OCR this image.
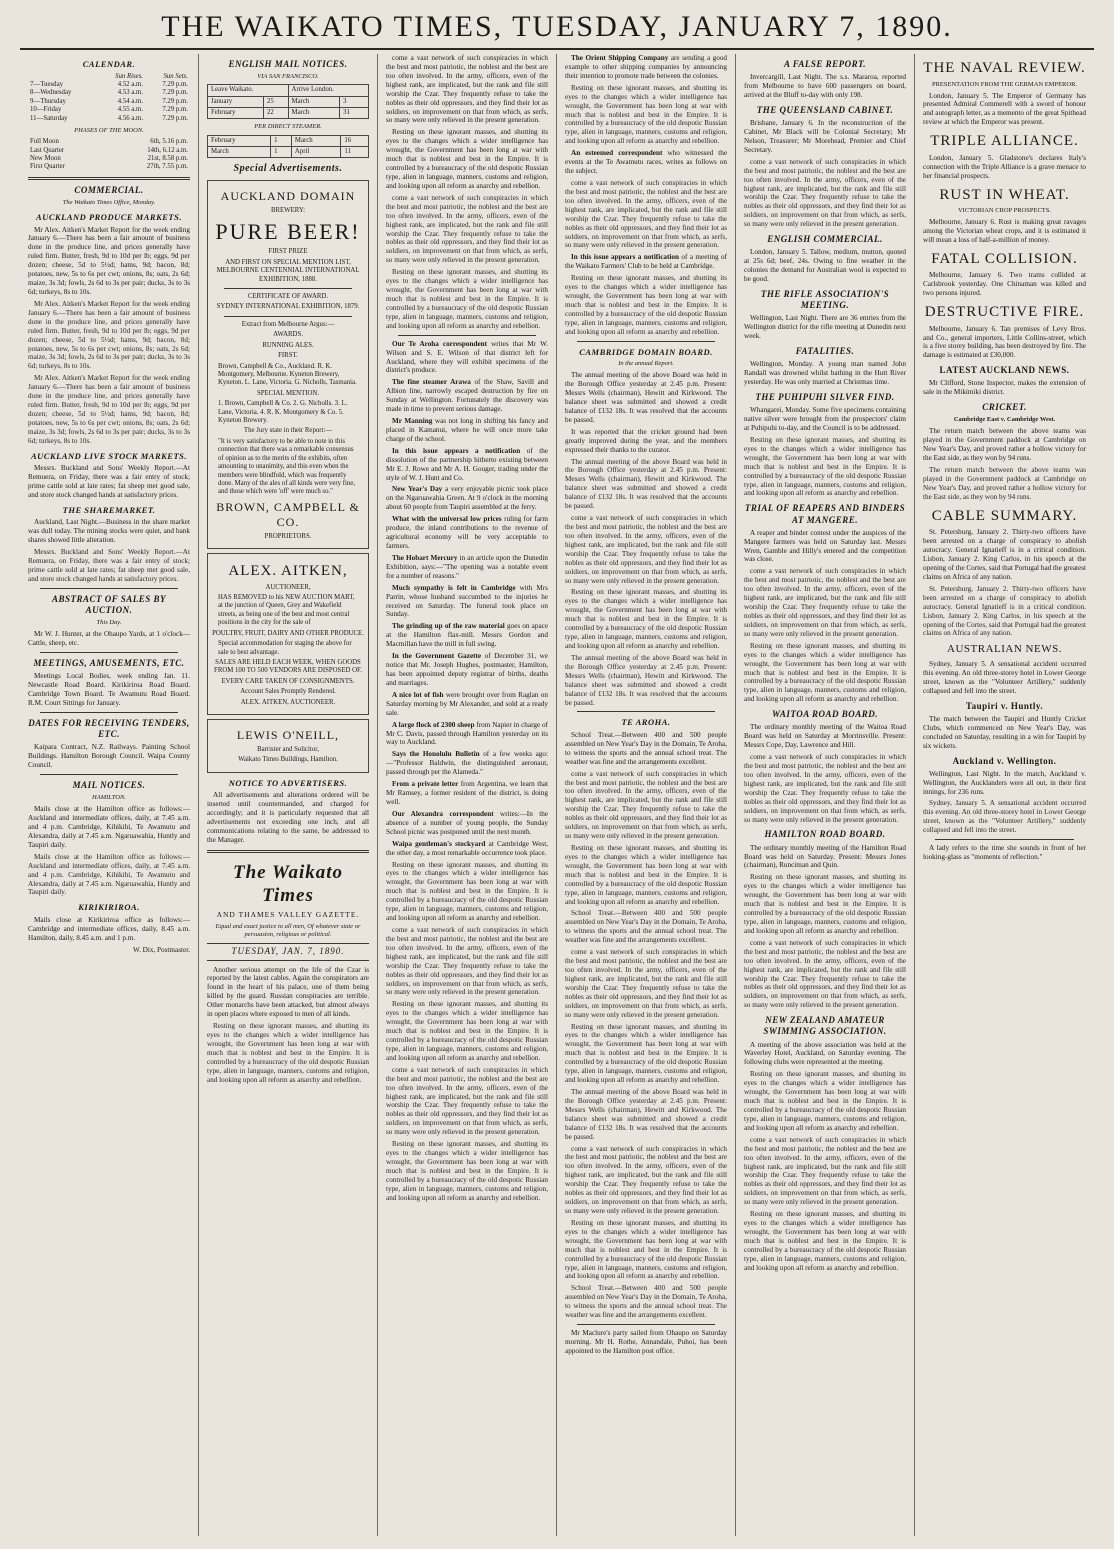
THE WAIKATO TIMES, TUESDAY, JANUARY 7, 1890.
CALENDAR.
	Sun Rises.	Sun Sets.
7—Tuesday	4.52 a.m.	7.29 p.m.
8—Wednesday	4.53 a.m.	7.29 p.m.
9—Thursday	4.54 a.m.	7.29 p.m.
10—Friday	4.55 a.m.	7.29 p.m.
11—Saturday	4.56 a.m.	7.29 p.m.
PHASES OF THE MOON.
Full Moon	6th, 5.16 p.m.
Last Quarter	14th, 6.12 a.m.
New Moon	21st, 8.58 p.m.
First Quarter	27th, 7.55 p.m.
COMMERCIAL.
The Waikato Times Office, Monday.
AUCKLAND PRODUCE MARKETS.

Mr Alex. Aitken's Market Report for the week ending January 6.—There has been a fair amount of business done in the produce line, and prices generally have ruled firm. Butter, fresh, 9d to 10d per lb; eggs, 9d per dozen; cheese, 5d to 5½d; hams, 9d; bacon, 8d; potatoes, new, 5s to 6s per cwt; onions, 8s; oats, 2s 6d; maize, 3s 3d; fowls, 2s 6d to 3s per pair; ducks, 3s to 3s 6d; turkeys, 8s to 10s.

Mr Alex. Aitken's Market Report for the week ending January 6.—There has been a fair amount of business done in the produce line, and prices generally have ruled firm. Butter, fresh, 9d to 10d per lb; eggs, 9d per dozen; cheese, 5d to 5½d; hams, 9d; bacon, 8d; potatoes, new, 5s to 6s per cwt; onions, 8s; oats, 2s 6d; maize, 3s 3d; fowls, 2s 6d to 3s per pair; ducks, 3s to 3s 6d; turkeys, 8s to 10s.

Mr Alex. Aitken's Market Report for the week ending January 6.—There has been a fair amount of business done in the produce line, and prices generally have ruled firm. Butter, fresh, 9d to 10d per lb; eggs, 9d per dozen; cheese, 5d to 5½d; hams, 9d; bacon, 8d; potatoes, new, 5s to 6s per cwt; onions, 8s; oats, 2s 6d; maize, 3s 3d; fowls, 2s 6d to 3s per pair; ducks, 3s to 3s 6d; turkeys, 8s to 10s.

AUCKLAND LIVE STOCK MARKETS.

Messrs. Buckland and Sons' Weekly Report.—At Remuera, on Friday, there was a fair entry of stock; prime cattle sold at late rates; fat sheep met good sale, and store stock changed hands at satisfactory prices.

THE SHAREMARKET.

Auckland, Last Night.—Business in the share market was dull today. The mining stocks were quiet, and bank shares showed little alteration.

Messrs. Buckland and Sons' Weekly Report.—At Remuera, on Friday, there was a fair entry of stock; prime cattle sold at late rates; fat sheep met good sale, and store stock changed hands at satisfactory prices.

ABSTRACT OF SALES BY AUCTION.
This Day.

Mr W. J. Hunter, at the Ohaupo Yards, at 1 o'clock—Cattle, sheep, etc.

MEETINGS, AMUSEMENTS, ETC.

Meetings Local Bodies, week ending Jan. 11. Newcastle Road Board. Kirikiriroa Road Board. Cambridge Town Board. Te Awamutu Road Board. R.M. Court Sittings for January.

DATES FOR RECEIVING TENDERS, ETC.

Kaipara Contract, N.Z. Railways. Painting School Buildings. Hamilton Borough Council. Waipa County Council.

MAIL NOTICES.
HAMILTON.

Mails close at the Hamilton office as follows:—Auckland and intermediate offices, daily, at 7.45 a.m. and 4 p.m. Cambridge, Kihikihi, Te Awamutu and Alexandra, daily at 7.45 a.m. Ngaruawahia, Huntly and Taupiri daily.

Mails close at the Hamilton office as follows:—Auckland and intermediate offices, daily, at 7.45 a.m. and 4 p.m. Cambridge, Kihikihi, Te Awamutu and Alexandra, daily at 7.45 a.m. Ngaruawahia, Huntly and Taupiri daily.

KIRIKIRIROA.

Mails close at Kirikiriroa office as follows:—Cambridge and intermediate offices, daily, 8.45 a.m. Hamilton, daily, 8.45 a.m. and 1 p.m.

W. Dix, Postmaster.

ENGLISH MAIL NOTICES.
VIA SAN FRANCISCO.
Leave Waikato.		Arrive London.	
January	25	March	3
February	22	March	31
PER DIRECT STEAMER.
February	1	March	16
March	1	April	11
Special Advertisements.
AUCKLAND DOMAIN
BREWERY:
PURE BEER!
FIRST PRIZE
AND FIRST ON SPECIAL MENTION LIST, MELBOURNE CENTENNIAL INTERNATIONAL EXHIBITION, 1888.
CERTIFICATE OF AWARD.
SYDNEY INTERNATIONAL EXHIBITION, 1879.
Extract from Melbourne Argus:—
AWARDS.
RUNNING ALES.
FIRST.
Brown, Campbell & Co., Auckland. R. K. Montgomery, Melbourne. Kyneton Brewery, Kyneton. L. Lane, Victoria. G. Nicholls, Tasmania.
SPECIAL MENTION.
1. Brown, Campbell & Co. 2. G. Nicholls. 3. L. Lane, Victoria. 4. R. K. Montgomery & Co. 5. Kyneton Brewery.
The Jury state in their Report:—
"It is very satisfactory to be able to note in this connection that there was a remarkable consensus of opinion as to the merits of the exhibits, often amounting to unanimity, and this even when the members were blindfold, which was frequently done. Many of the ales of all kinds were very fine, and those which were 'off' were much so."
BROWN, CAMPBELL & CO.
PROPRIETORS.
ALEX. AITKEN,
AUCTIONEER,
HAS REMOVED to his NEW AUCTION MART, at the junction of Queen, Grey and Wakefield streets, as being one of the best and most central positions in the city for the sale of
POULTRY, FRUIT, DAIRY AND OTHER PRODUCE.
Special accommodation for staging the above for sale to best advantage.
SALES ARE HELD EACH WEEK, WHEN GOODS FROM 100 TO 500 VENDORS ARE DISPOSED OF.
EVERY CARE TAKEN OF CONSIGNMENTS.
Account Sales Promptly Rendered.
ALEX. AITKEN, AUCTIONEER.
LEWIS O'NEILL,
Barrister and Solicitor,
Waikato Times Buildings, Hamilton.
NOTICE TO ADVERTISERS.

All advertisements and alterations ordered will be inserted until countermanded, and charged for accordingly; and it is particularly requested that all advertisements not exceeding one inch, and all communications relating to the same, be addressed to the Manager.

The Waikato Times
AND THAMES VALLEY GAZETTE.
Equal and exact justice to all men, Of whatever state or persuasion, religious or political.
TUESDAY, JAN. 7, 1890.

Another serious attempt on the life of the Czar is reported by the latest cables. Again the conspirators are found in the heart of his palace, one of them being killed by the guard. Russian conspiracies are terrible. Other monarchs have been attacked, but almost always in open places where exposed to men of all kinds.

Resting on these ignorant masses, and shutting its eyes to the changes which a wider intelligence has wrought, the Government has been long at war with much that is noblest and best in the Empire. It is controlled by a bureaucracy of the old despotic Russian type, alien in language, manners, customs and religion, and looking upon all reform as anarchy and rebellion.

come a vast network of such conspiracies in which the best and most patriotic, the noblest and the best are too often involved. In the army, officers, even of the highest rank, are implicated, but the rank and file still worship the Czar. They frequently refuse to take the nobles as their old oppressors, and they find their lot as soldiers, on improvement on that from which, as serfs, so many were only relieved in the present generation.

Resting on these ignorant masses, and shutting its eyes to the changes which a wider intelligence has wrought, the Government has been long at war with much that is noblest and best in the Empire. It is controlled by a bureaucracy of the old despotic Russian type, alien in language, manners, customs and religion, and looking upon all reform as anarchy and rebellion.

come a vast network of such conspiracies in which the best and most patriotic, the noblest and the best are too often involved. In the army, officers, even of the highest rank, are implicated, but the rank and file still worship the Czar. They frequently refuse to take the nobles as their old oppressors, and they find their lot as soldiers, on improvement on that from which, as serfs, so many were only relieved in the present generation.

Resting on these ignorant masses, and shutting its eyes to the changes which a wider intelligence has wrought, the Government has been long at war with much that is noblest and best in the Empire. It is controlled by a bureaucracy of the old despotic Russian type, alien in language, manners, customs and religion, and looking upon all reform as anarchy and rebellion.

Our Te Aroha correspondent writes that Mr W. Wilson and S. E. Wilson of that district left for Auckland, where they will exhibit specimens of the district's produce.

The fine steamer Arawa of the Shaw, Savill and Albion line, narrowly escaped destruction by fire on Sunday at Wellington. Fortunately the discovery was made in time to prevent serious damage.

Mr Manning was not long in shifting his fancy and placed in Kamanui, where he will once more take charge of the school.

In this issue appears a notification of the dissolution of the partnership hitherto existing between Mr E. J. Rowe and Mr A. H. Gouger, trading under the style of W. J. Hunt and Co.

New Year's Day a very enjoyable picnic took place on the Ngaruawahia Green. At 9 o'clock in the morning about 60 people from Taupiri assembled at the ferry.

What with the universal low prices ruling for farm produce, the inland contributions to the revenue of agricultural economy will be very acceptable to farmers.

The Hobart Mercury in an article upon the Dunedin Exhibition, says:—"The opening was a notable event for a number of reasons."

Much sympathy is felt in Cambridge with Mrs Parrin, whose husband succumbed to the injuries he received on Saturday. The funeral took place on Sunday.

The grinding up of the raw material goes on apace at the Hamilton flax-mill. Messrs Gordon and Macmillan have the mill in full swing.

In the Government Gazette of December 31, we notice that Mr. Joseph Hughes, postmaster, Hamilton, has been appointed deputy registrar of births, deaths and marriages.

A nice lot of fish were brought over from Raglan on Saturday morning by Mr Alexander, and sold at a ready sale.

A large flock of 2300 sheep from Napier in charge of Mr C. Davis, passed through Hamilton yesterday on its way to Auckland.

Says the Honolulu Bulletin of a few weeks ago:—"Professor Baldwin, the distinguished aeronaut, passed through per the Alameda."

From a private letter from Argentina, we learn that Mr Ramsey, a former resident of the district, is doing well.

Our Alexandra correspondent writes:—In the absence of a number of young people, the Sunday School picnic was postponed until the next month.

Waipa gentleman's stockyard at Cambridge West, the other day, a most remarkable occurrence took place.

Resting on these ignorant masses, and shutting its eyes to the changes which a wider intelligence has wrought, the Government has been long at war with much that is noblest and best in the Empire. It is controlled by a bureaucracy of the old despotic Russian type, alien in language, manners, customs and religion, and looking upon all reform as anarchy and rebellion.

come a vast network of such conspiracies in which the best and most patriotic, the noblest and the best are too often involved. In the army, officers, even of the highest rank, are implicated, but the rank and file still worship the Czar. They frequently refuse to take the nobles as their old oppressors, and they find their lot as soldiers, on improvement on that from which, as serfs, so many were only relieved in the present generation.

Resting on these ignorant masses, and shutting its eyes to the changes which a wider intelligence has wrought, the Government has been long at war with much that is noblest and best in the Empire. It is controlled by a bureaucracy of the old despotic Russian type, alien in language, manners, customs and religion, and looking upon all reform as anarchy and rebellion.

come a vast network of such conspiracies in which the best and most patriotic, the noblest and the best are too often involved. In the army, officers, even of the highest rank, are implicated, but the rank and file still worship the Czar. They frequently refuse to take the nobles as their old oppressors, and they find their lot as soldiers, on improvement on that from which, as serfs, so many were only relieved in the present generation.

Resting on these ignorant masses, and shutting its eyes to the changes which a wider intelligence has wrought, the Government has been long at war with much that is noblest and best in the Empire. It is controlled by a bureaucracy of the old despotic Russian type, alien in language, manners, customs and religion, and looking upon all reform as anarchy and rebellion.

The Orient Shipping Company are sending a good example to other shipping companies by announcing their intention to promote trade between the colonies.

Resting on these ignorant masses, and shutting its eyes to the changes which a wider intelligence has wrought, the Government has been long at war with much that is noblest and best in the Empire. It is controlled by a bureaucracy of the old despotic Russian type, alien in language, manners, customs and religion, and looking upon all reform as anarchy and rebellion.

An esteemed correspondent who witnessed the events at the Te Awamutu races, writes as follows on the subject.

come a vast network of such conspiracies in which the best and most patriotic, the noblest and the best are too often involved. In the army, officers, even of the highest rank, are implicated, but the rank and file still worship the Czar. They frequently refuse to take the nobles as their old oppressors, and they find their lot as soldiers, on improvement on that from which, as serfs, so many were only relieved in the present generation.

In this issue appears a notification of a meeting of the Waikato Farmers' Club to be held at Cambridge.

Resting on these ignorant masses, and shutting its eyes to the changes which a wider intelligence has wrought, the Government has been long at war with much that is noblest and best in the Empire. It is controlled by a bureaucracy of the old despotic Russian type, alien in language, manners, customs and religion, and looking upon all reform as anarchy and rebellion.

CAMBRIDGE DOMAIN BOARD.
In the annual Report.

The annual meeting of the above Board was held in the Borough Office yesterday at 2.45 p.m. Present: Messrs Wells (chairman), Hewitt and Kirkwood. The balance sheet was submitted and showed a credit balance of £132 18s. It was resolved that the accounts be passed.

It was reported that the cricket ground had been greatly improved during the year, and the members expressed their thanks to the curator.

The annual meeting of the above Board was held in the Borough Office yesterday at 2.45 p.m. Present: Messrs Wells (chairman), Hewitt and Kirkwood. The balance sheet was submitted and showed a credit balance of £132 18s. It was resolved that the accounts be passed.

come a vast network of such conspiracies in which the best and most patriotic, the noblest and the best are too often involved. In the army, officers, even of the highest rank, are implicated, but the rank and file still worship the Czar. They frequently refuse to take the nobles as their old oppressors, and they find their lot as soldiers, on improvement on that from which, as serfs, so many were only relieved in the present generation.

Resting on these ignorant masses, and shutting its eyes to the changes which a wider intelligence has wrought, the Government has been long at war with much that is noblest and best in the Empire. It is controlled by a bureaucracy of the old despotic Russian type, alien in language, manners, customs and religion, and looking upon all reform as anarchy and rebellion.

The annual meeting of the above Board was held in the Borough Office yesterday at 2.45 p.m. Present: Messrs Wells (chairman), Hewitt and Kirkwood. The balance sheet was submitted and showed a credit balance of £132 18s. It was resolved that the accounts be passed.

TE AROHA.

School Treat.—Between 400 and 500 people assembled on New Year's Day in the Domain, Te Aroha, to witness the sports and the annual school treat. The weather was fine and the arrangements excellent.

come a vast network of such conspiracies in which the best and most patriotic, the noblest and the best are too often involved. In the army, officers, even of the highest rank, are implicated, but the rank and file still worship the Czar. They frequently refuse to take the nobles as their old oppressors, and they find their lot as soldiers, on improvement on that from which, as serfs, so many were only relieved in the present generation.

Resting on these ignorant masses, and shutting its eyes to the changes which a wider intelligence has wrought, the Government has been long at war with much that is noblest and best in the Empire. It is controlled by a bureaucracy of the old despotic Russian type, alien in language, manners, customs and religion, and looking upon all reform as anarchy and rebellion.

School Treat.—Between 400 and 500 people assembled on New Year's Day in the Domain, Te Aroha, to witness the sports and the annual school treat. The weather was fine and the arrangements excellent.

come a vast network of such conspiracies in which the best and most patriotic, the noblest and the best are too often involved. In the army, officers, even of the highest rank, are implicated, but the rank and file still worship the Czar. They frequently refuse to take the nobles as their old oppressors, and they find their lot as soldiers, on improvement on that from which, as serfs, so many were only relieved in the present generation.

Resting on these ignorant masses, and shutting its eyes to the changes which a wider intelligence has wrought, the Government has been long at war with much that is noblest and best in the Empire. It is controlled by a bureaucracy of the old despotic Russian type, alien in language, manners, customs and religion, and looking upon all reform as anarchy and rebellion.

The annual meeting of the above Board was held in the Borough Office yesterday at 2.45 p.m. Present: Messrs Wells (chairman), Hewitt and Kirkwood. The balance sheet was submitted and showed a credit balance of £132 18s. It was resolved that the accounts be passed.

come a vast network of such conspiracies in which the best and most patriotic, the noblest and the best are too often involved. In the army, officers, even of the highest rank, are implicated, but the rank and file still worship the Czar. They frequently refuse to take the nobles as their old oppressors, and they find their lot as soldiers, on improvement on that from which, as serfs, so many were only relieved in the present generation.

Resting on these ignorant masses, and shutting its eyes to the changes which a wider intelligence has wrought, the Government has been long at war with much that is noblest and best in the Empire. It is controlled by a bureaucracy of the old despotic Russian type, alien in language, manners, customs and religion, and looking upon all reform as anarchy and rebellion.

School Treat.—Between 400 and 500 people assembled on New Year's Day in the Domain, Te Aroha, to witness the sports and the annual school treat. The weather was fine and the arrangements excellent.

Mr Maclure's party sailed from Ohaupo on Saturday morning. Mr H. Rothe, Annandale, Puhoi, has been appointed to the Hamilton post office.

A FALSE REPORT.

Invercargill, Last Night. The s.s. Mararoa, reported from Melbourne to have 600 passengers on board, arrived at the Bluff to-day with only 198.

THE QUEENSLAND CABINET.

Brisbane, January 6. In the reconstruction of the Cabinet, Mr Black will be Colonial Secretary; Mr Nelson, Treasurer; Mr Morehead, Premier and Chief Secretary.

come a vast network of such conspiracies in which the best and most patriotic, the noblest and the best are too often involved. In the army, officers, even of the highest rank, are implicated, but the rank and file still worship the Czar. They frequently refuse to take the nobles as their old oppressors, and they find their lot as soldiers, on improvement on that from which, as serfs, so many were only relieved in the present generation.

ENGLISH COMMERCIAL.

London, January 5. Tallow, medium, mutton, quoted at 25s 6d; beef, 24s. Owing to fine weather in the colonies the demand for Australian wool is expected to be good.

THE RIFLE ASSOCIATION'S MEETING.

Wellington, Last Night. There are 36 entries from the Wellington district for the rifle meeting at Dunedin next week.

FATALITIES.

Wellington, Monday. A young man named John Randall was drowned whilst bathing in the Hutt River yesterday. He was only married at Christmas time.

THE PUHIPUHI SILVER FIND.

Whangarei, Monday. Some five specimens containing native silver were brought from the prospectors' claim at Puhipuhi to-day, and the Council is to be addressed.

Resting on these ignorant masses, and shutting its eyes to the changes which a wider intelligence has wrought, the Government has been long at war with much that is noblest and best in the Empire. It is controlled by a bureaucracy of the old despotic Russian type, alien in language, manners, customs and religion, and looking upon all reform as anarchy and rebellion.

TRIAL OF REAPERS AND BINDERS AT MANGERE.

A reaper and binder contest under the auspices of the Mangere farmers was held on Saturday last. Messrs Wren, Gamble and Hilly's entered and the competition was close.

come a vast network of such conspiracies in which the best and most patriotic, the noblest and the best are too often involved. In the army, officers, even of the highest rank, are implicated, but the rank and file still worship the Czar. They frequently refuse to take the nobles as their old oppressors, and they find their lot as soldiers, on improvement on that from which, as serfs, so many were only relieved in the present generation.

Resting on these ignorant masses, and shutting its eyes to the changes which a wider intelligence has wrought, the Government has been long at war with much that is noblest and best in the Empire. It is controlled by a bureaucracy of the old despotic Russian type, alien in language, manners, customs and religion, and looking upon all reform as anarchy and rebellion.

WAITOA ROAD BOARD.

The ordinary monthly meeting of the Waitoa Road Board was held on Saturday at Morrinsville. Present: Messrs Cope, Day, Lawrence and Hill.

come a vast network of such conspiracies in which the best and most patriotic, the noblest and the best are too often involved. In the army, officers, even of the highest rank, are implicated, but the rank and file still worship the Czar. They frequently refuse to take the nobles as their old oppressors, and they find their lot as soldiers, on improvement on that from which, as serfs, so many were only relieved in the present generation.

HAMILTON ROAD BOARD.

The ordinary monthly meeting of the Hamilton Road Board was held on Saturday. Present: Messrs Jones (chairman), Runciman and Quin.

Resting on these ignorant masses, and shutting its eyes to the changes which a wider intelligence has wrought, the Government has been long at war with much that is noblest and best in the Empire. It is controlled by a bureaucracy of the old despotic Russian type, alien in language, manners, customs and religion, and looking upon all reform as anarchy and rebellion.

come a vast network of such conspiracies in which the best and most patriotic, the noblest and the best are too often involved. In the army, officers, even of the highest rank, are implicated, but the rank and file still worship the Czar. They frequently refuse to take the nobles as their old oppressors, and they find their lot as soldiers, on improvement on that from which, as serfs, so many were only relieved in the present generation.

NEW ZEALAND AMATEUR SWIMMING ASSOCIATION.

A meeting of the above association was held at the Waverley Hotel, Auckland, on Saturday evening. The following clubs were represented at the meeting.

Resting on these ignorant masses, and shutting its eyes to the changes which a wider intelligence has wrought, the Government has been long at war with much that is noblest and best in the Empire. It is controlled by a bureaucracy of the old despotic Russian type, alien in language, manners, customs and religion, and looking upon all reform as anarchy and rebellion.

come a vast network of such conspiracies in which the best and most patriotic, the noblest and the best are too often involved. In the army, officers, even of the highest rank, are implicated, but the rank and file still worship the Czar. They frequently refuse to take the nobles as their old oppressors, and they find their lot as soldiers, on improvement on that from which, as serfs, so many were only relieved in the present generation.

Resting on these ignorant masses, and shutting its eyes to the changes which a wider intelligence has wrought, the Government has been long at war with much that is noblest and best in the Empire. It is controlled by a bureaucracy of the old despotic Russian type, alien in language, manners, customs and religion, and looking upon all reform as anarchy and rebellion.

THE NAVAL REVIEW.
PRESENTATION FROM THE GERMAN EMPEROR.

London, January 5. The Emperor of Germany has presented Admiral Commerell with a sword of honour and autograph letter, as a memento of the great Spithead review at which the Emperor was present.

TRIPLE ALLIANCE.

London, January 5. Gladstone's declares Italy's connection with the Triple Alliance is a grave menace to her financial prospects.

RUST IN WHEAT.
VICTORIAN CROP PROSPECTS.

Melbourne, January 6. Rust is making great ravages among the Victorian wheat crops, and it is estimated it will mean a loss of half-a-million of money.

FATAL COLLISION.

Melbourne, January 6. Two trams collided at Carlsbrook yesterday. One Chinaman was killed and two persons injured.

DESTRUCTIVE FIRE.

Melbourne, January 6. Tan premises of Levy Bros. and Co., general importers, Little Collins-street, which is a five storey building, has been destroyed by fire. The damage is estimated at £30,000.

LATEST AUCKLAND NEWS.

Mr Clifford, Stone Inspector, makes the extension of sale in the Mikimiki district.

CRICKET.
Cambridge East v. Cambridge West.

The return match between the above teams was played in the Government paddock at Cambridge on New Year's Day, and proved rather a hollow victory for the East side, as they won by 94 runs.

The return match between the above teams was played in the Government paddock at Cambridge on New Year's Day, and proved rather a hollow victory for the East side, as they won by 94 runs.

CABLE SUMMARY.

St. Petersburg, January 2. Thirty-two officers have been arrested on a charge of conspiracy to abolish autocracy. General Ignatieff is in a critical condition. Lisbon, January 2. King Carlos, in his speech at the opening of the Cortes, said that Portugal had the greatest claims on Africa of any nation.

St. Petersburg, January 2. Thirty-two officers have been arrested on a charge of conspiracy to abolish autocracy. General Ignatieff is in a critical condition. Lisbon, January 2. King Carlos, in his speech at the opening of the Cortes, said that Portugal had the greatest claims on Africa of any nation.

AUSTRALIAN NEWS.

Sydney, January 5. A sensational accident occurred this evening. An old three-storey hotel in Lower George street, known as the "Volunteer Artillery," suddenly collapsed and fell into the street.

Taupiri v. Huntly.

The match between the Taupiri and Huntly Cricket Clubs, which commenced on New Year's Day, was concluded on Saturday, resulting in a win for Taupiri by six wickets.

Auckland v. Wellington.

Wellington, Last Night. In the match, Auckland v. Wellington, the Aucklanders were all out, in their first innings, for 236 runs.

Sydney, January 5. A sensational accident occurred this evening. An old three-storey hotel in Lower George street, known as the "Volunteer Artillery," suddenly collapsed and fell into the street.

A lady refers to the time she sounds in front of her looking-glass as "moments of reflection."
